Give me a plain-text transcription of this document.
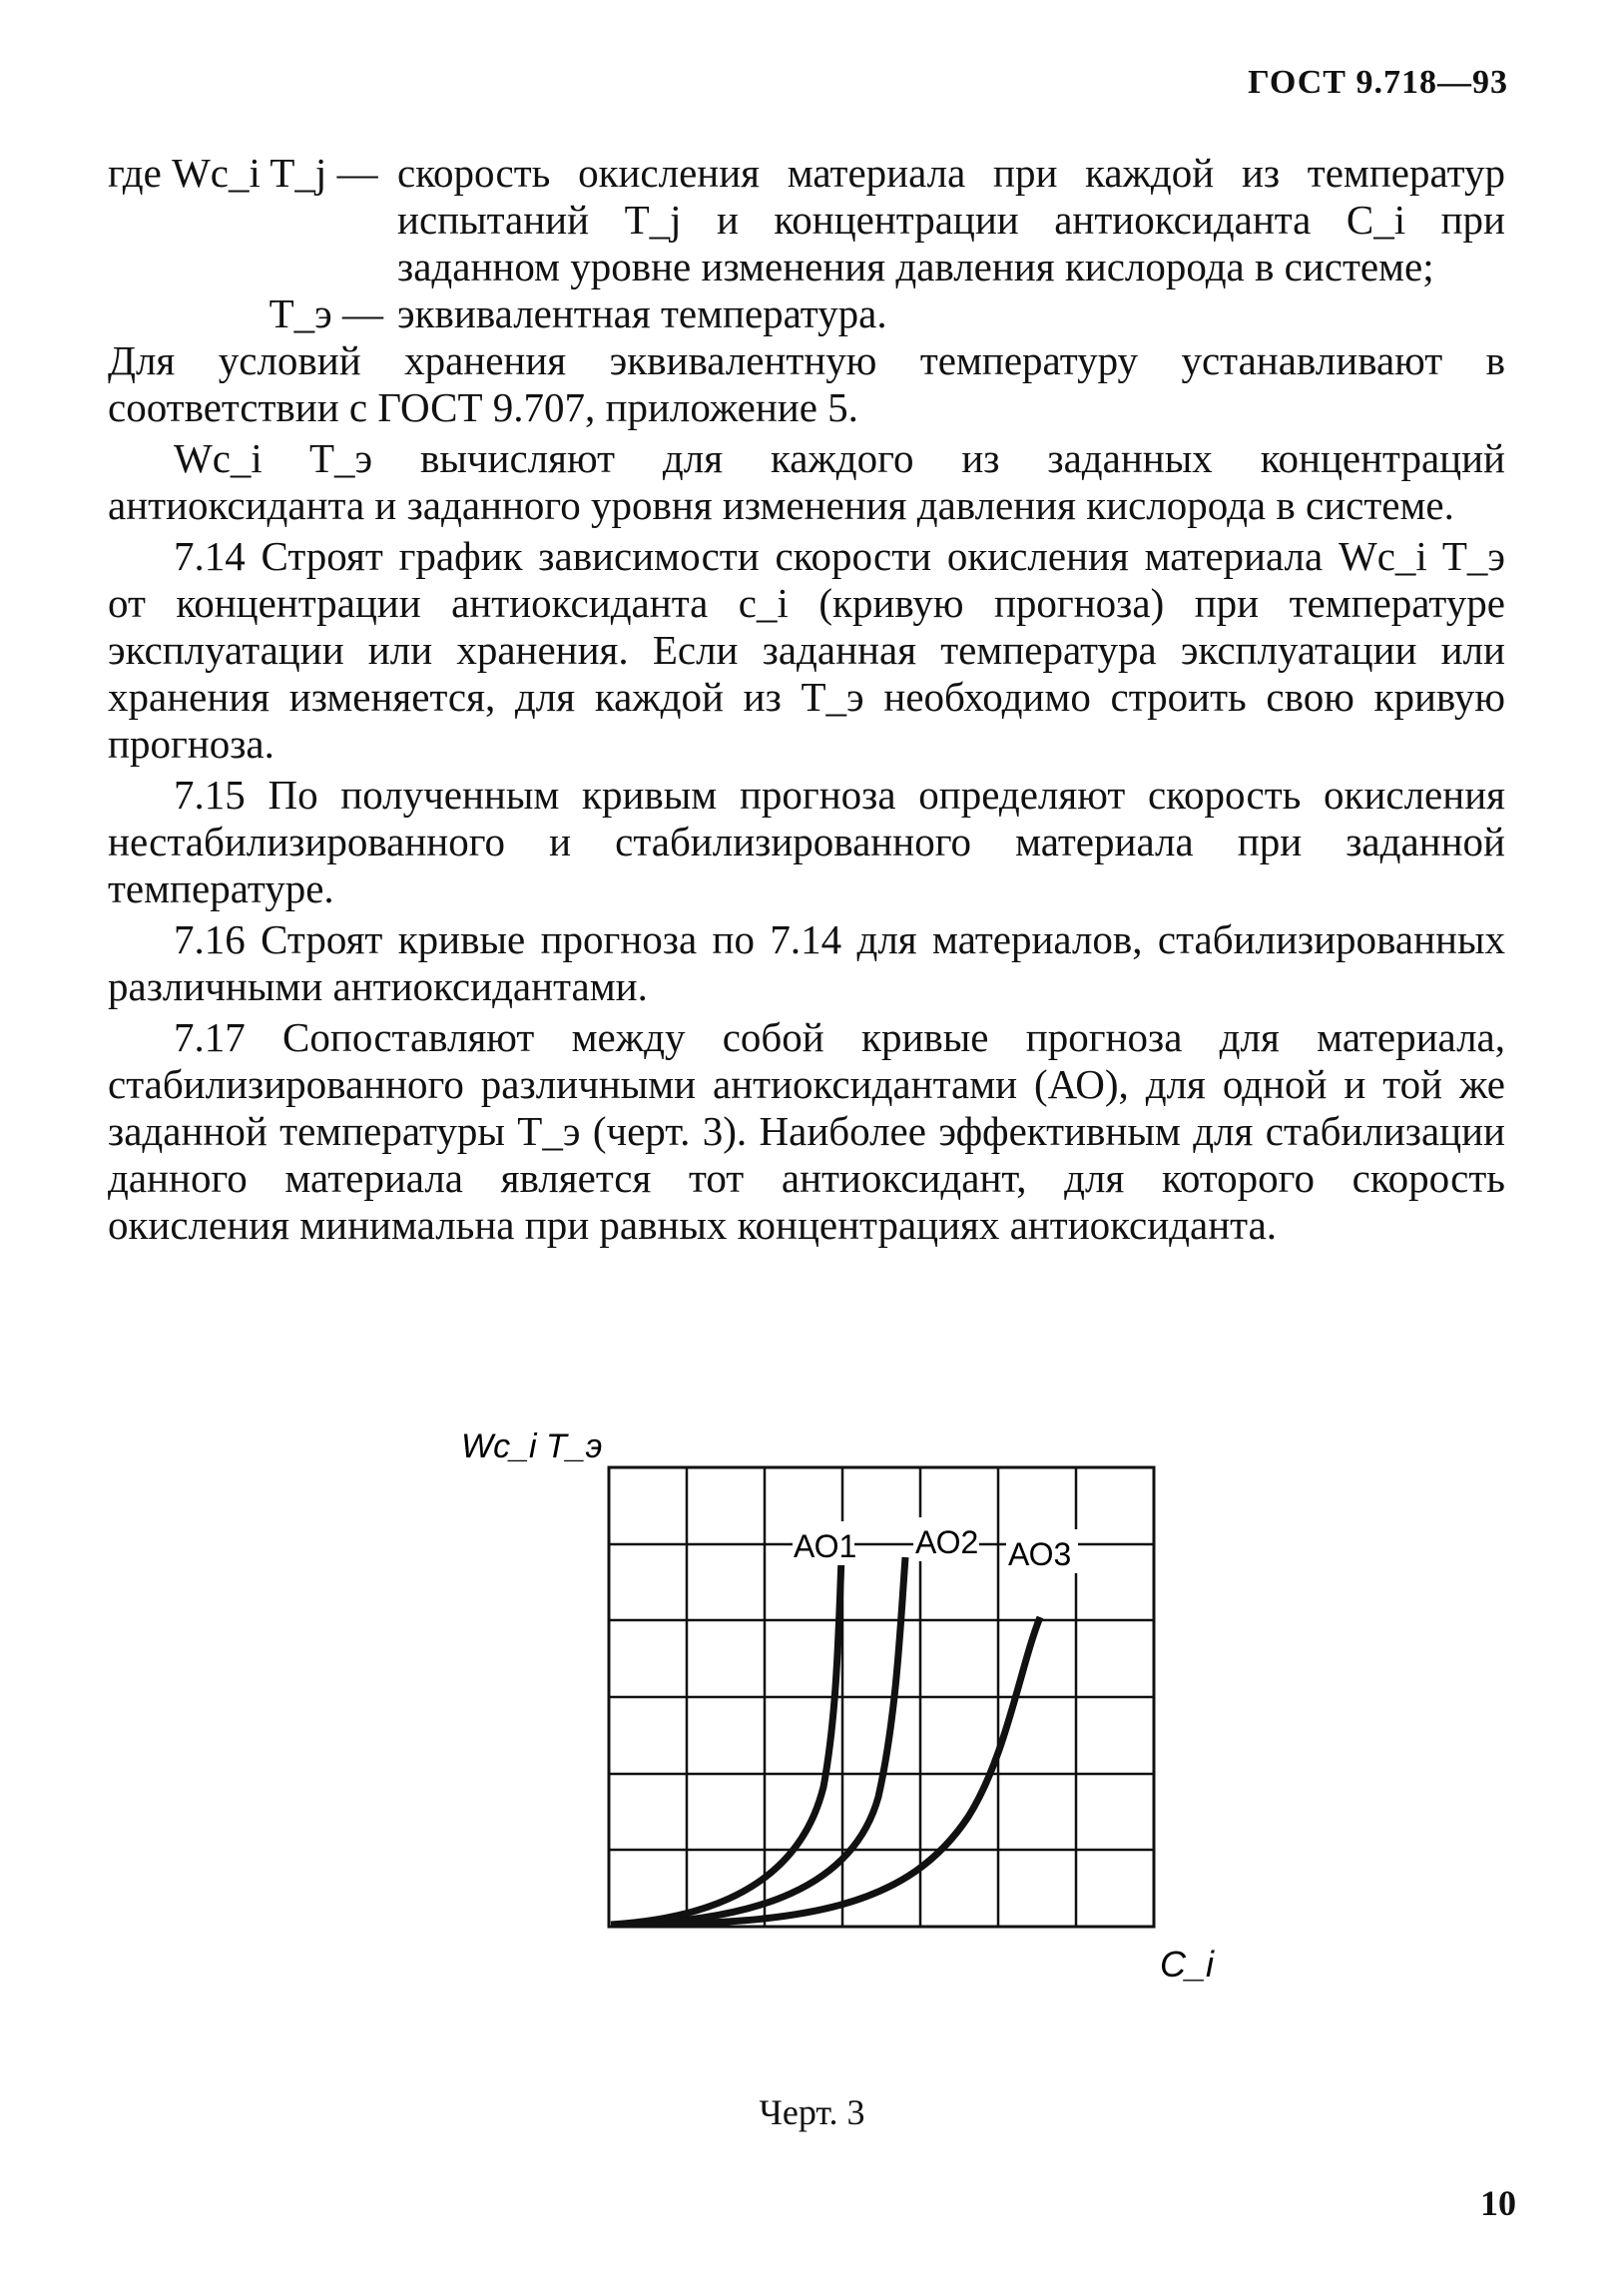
ГОСТ 9.718—93
где Wc_i T_j — скорость окисления материала при каждой из температур испытаний T_j и концентрации антиоксиданта C_i при заданном уровне изменения давления кислорода в системе;
T_э — эквивалентная температура.

Для условий хранения эквивалентную температуру устанавливают в соответствии с ГОСТ 9.707, приложение 5.

Wc_i T_э вычисляют для каждого из заданных концентраций антиоксиданта и заданного уровня изменения давления кислорода в системе.

7.14 Строят график зависимости скорости окисления материала Wc_i T_э от концентрации антиоксиданта c_i (кривую прогноза) при температуре эксплуатации или хранения. Если заданная температура эксплуатации или хранения изменяется, для каждой из T_э необходимо строить свою кривую прогноза.

7.15 По полученным кривым прогноза определяют скорость окисления нестабилизированного и стабилизированного материала при заданной температуре.

7.16 Строят кривые прогноза по 7.14 для материалов, стабилизированных различными антиоксидантами.

7.17 Сопоставляют между собой кривые прогноза для материала, стабилизированного различными антиоксидантами (АО), для одной и той же заданной температуры T_э (черт. 3). Наиболее эффективным для стабилизации данного материала является тот антиоксидант, для которого скорость окисления минимальна при равных концентрациях антиоксиданта.

Wc_i T_э
C_i
АО1 АО2 АО3
Черт. 3
10
